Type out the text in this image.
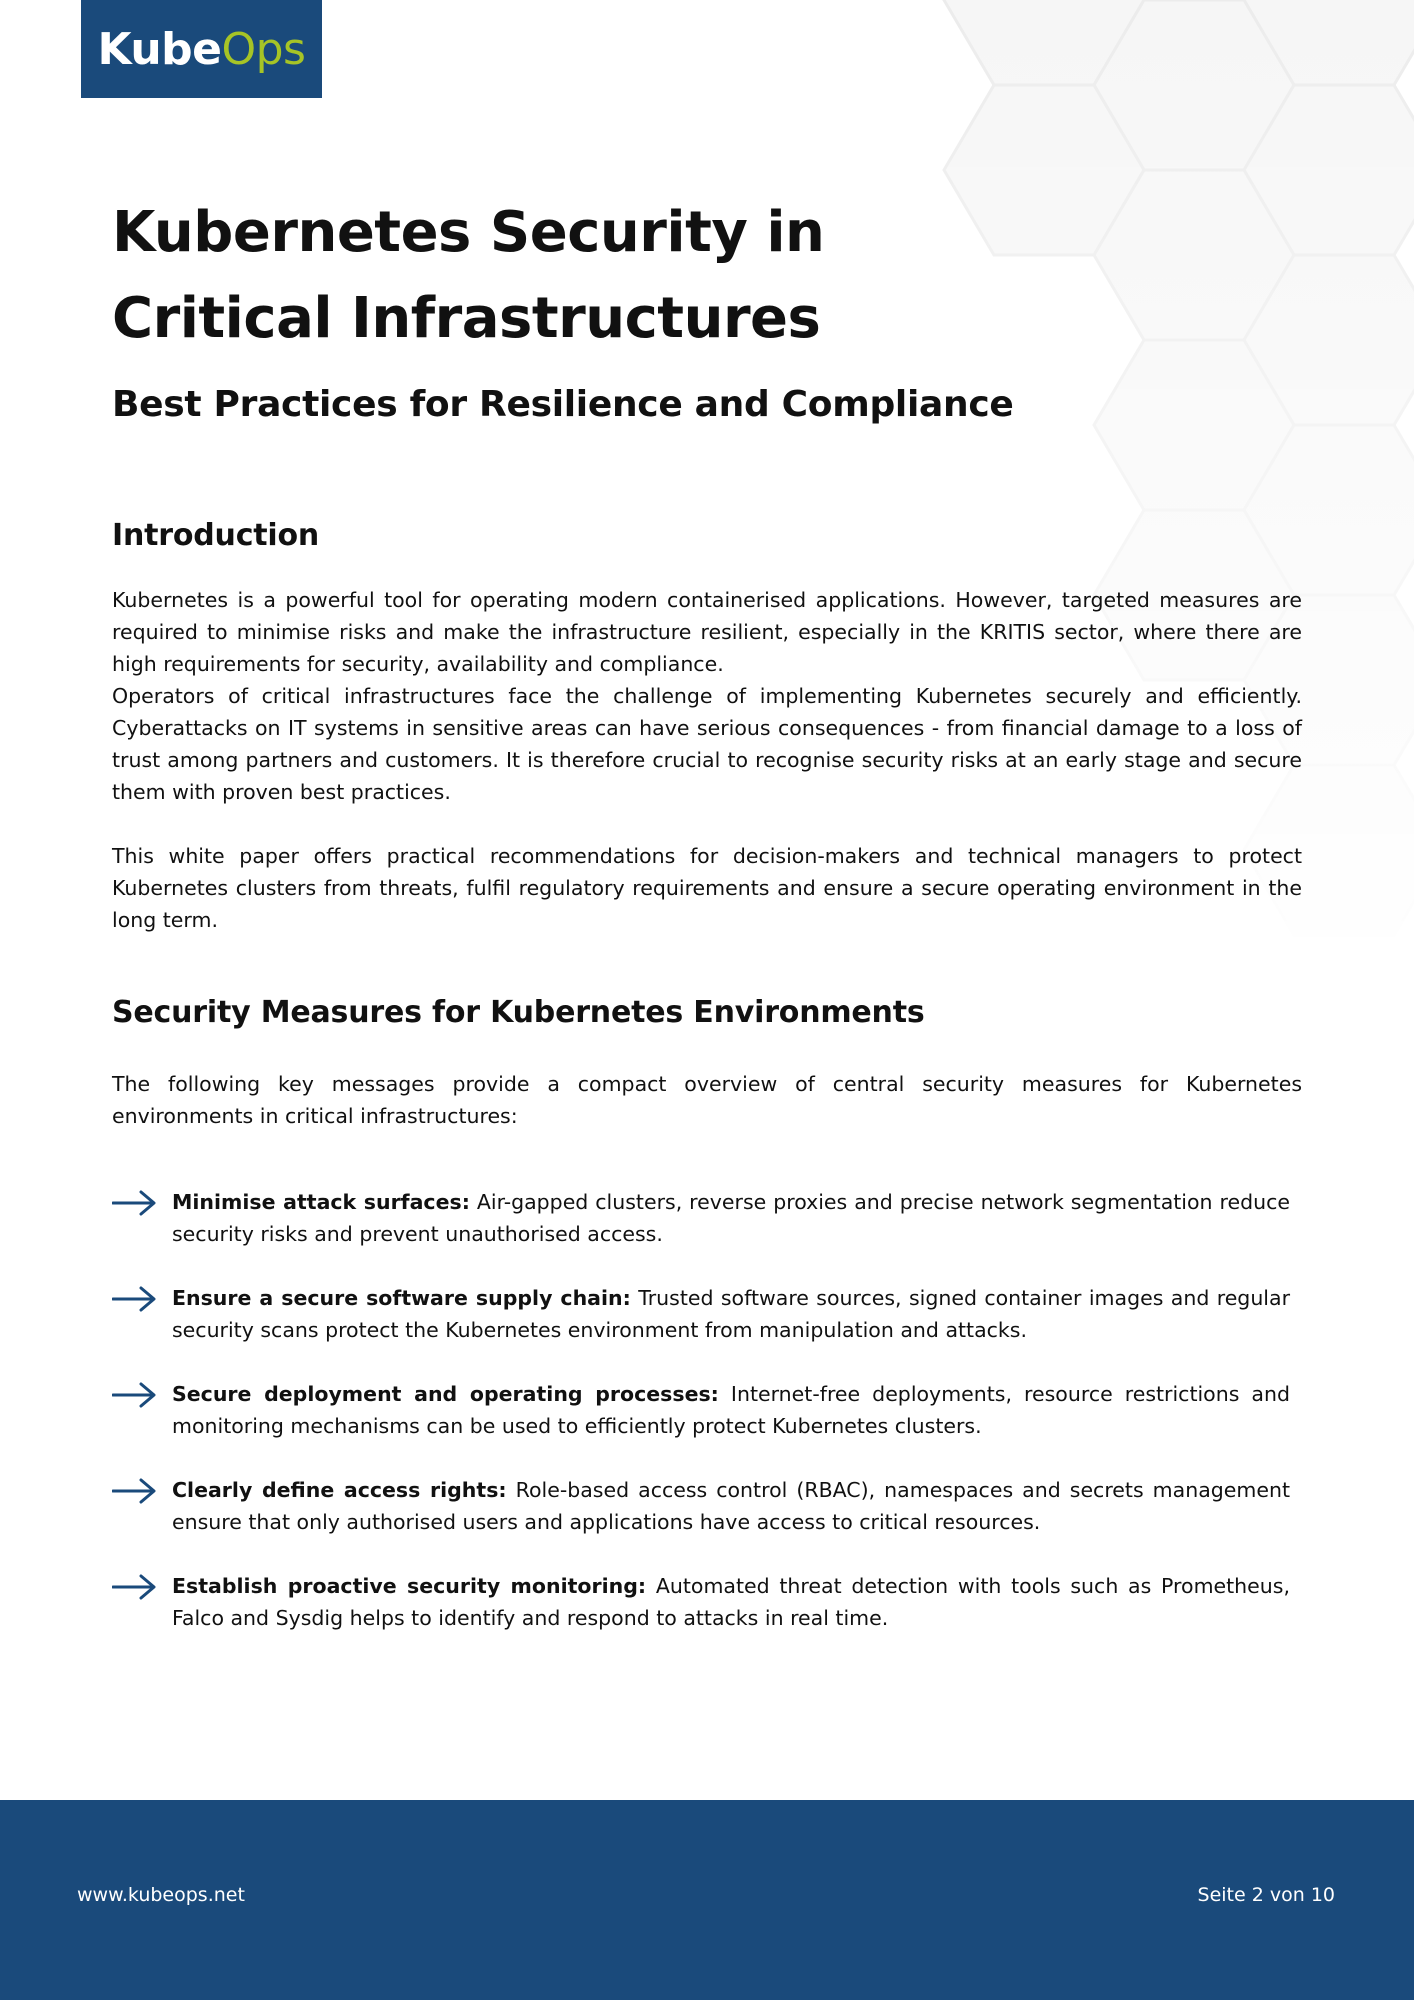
Kube Ops
Kubernetes Security in Critical Infrastructures
Best Practices for Resilience and Compliance
Introduction

Kubernetes is a powerful tool for operating modern containerised applications. However, targeted measures are required to minimise risks and make the infrastructure resilient, especially in the KRITIS sector, where there are high requirements for security, availability and compliance.

Operators of critical infrastructures face the challenge of implementing Kubernetes securely and efficiently. Cyberattacks on IT systems in sensitive areas can have serious consequences - from financial damage to a loss of trust among partners and customers. It is therefore crucial to recognise security risks at an early stage and secure them with proven best practices.

This white paper offers practical recommendations for decision-makers and technical managers to protect Kubernetes clusters from threats, fulfil regulatory requirements and ensure a secure operating environment in the long term.

Security Measures for Kubernetes Environments

The following key messages provide a compact overview of central security measures for Kubernetes environments in critical infrastructures:

Minimise attack surfaces: Air-gapped clusters, reverse proxies and precise network segmentation reduce security risks and prevent unauthorised access.
Ensure a secure software supply chain: Trusted software sources, signed container images and regular security scans protect the Kubernetes environment from manipulation and attacks.
Secure deployment and operating processes: Internet-free deployments, resource restrictions and monitoring mechanisms can be used to efficiently protect Kubernetes clusters.
Clearly define access rights: Role-based access control (RBAC), namespaces and secrets management ensure that only authorised users and applications have access to critical resources.
Establish proactive security monitoring: Automated threat detection with tools such as Prometheus, Falco and Sysdig helps to identify and respond to attacks in real time.
www.kubeops.net	Seite 2 von 10
